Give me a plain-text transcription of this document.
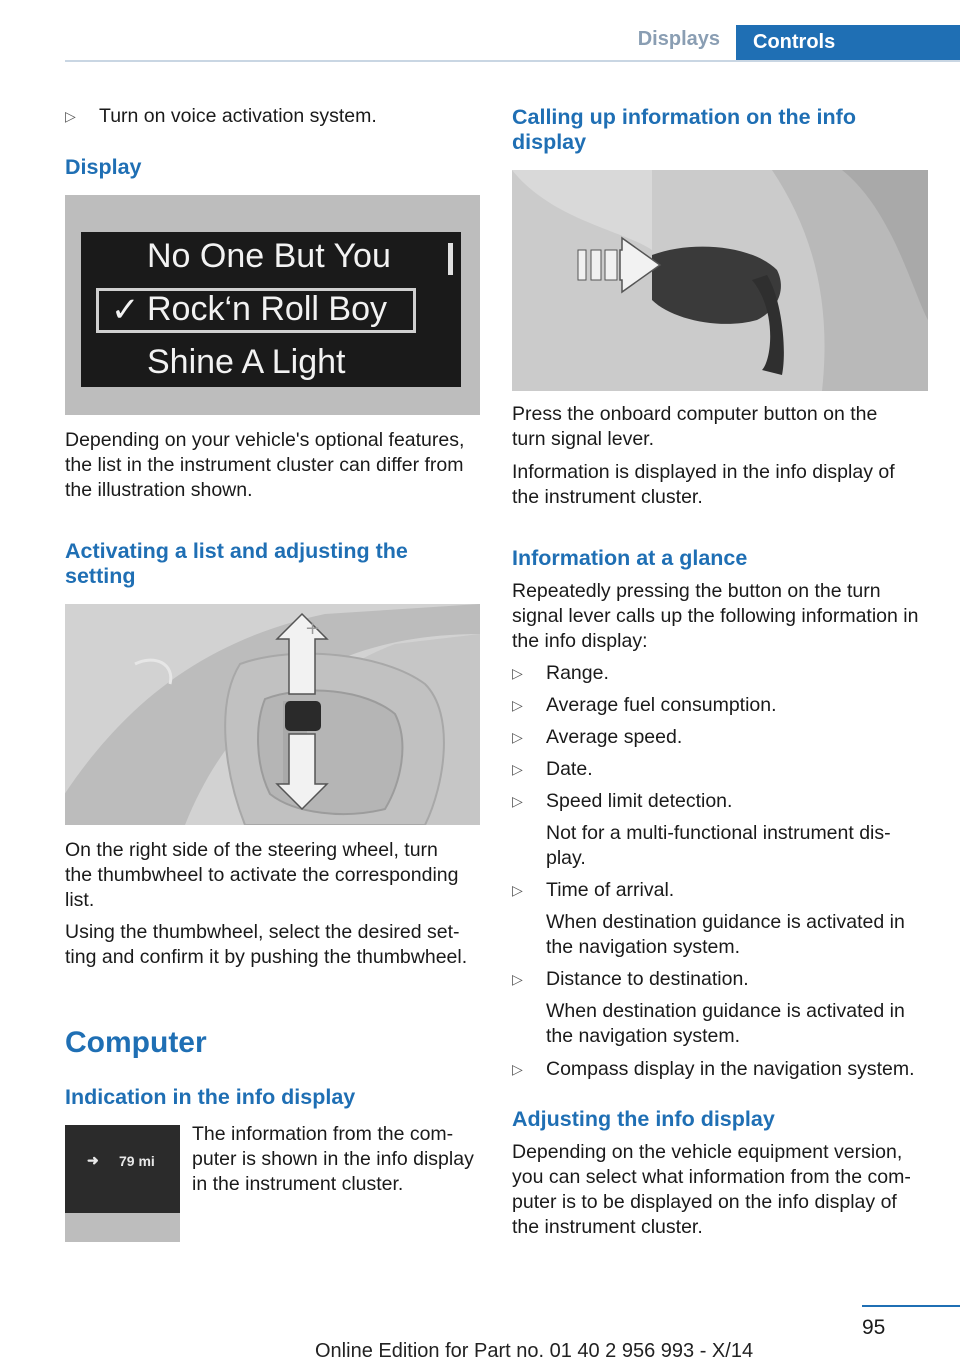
Displays	Controls
▷ Turn on voice activation system.
Display
No One But You
✓ Rock‘n Roll Boy
Shine A Light

Depending on your vehicle's optional features,
the list in the instrument cluster can differ from
the illustration shown.

Activating a list and adjusting the
setting
+

On the right side of the steering wheel, turn
the thumbwheel to activate the corresponding
list.

Using the thumbwheel, select the desired set‐
ting and confirm it by pushing the thumbwheel.

Computer
Indication in the info display
➜ 79 mi

The information from the com‐
puter is shown in the info display
in the instrument cluster.

Calling up information on the info
display

Press the onboard computer button on the
turn signal lever.

Information is displayed in the info display of
the instrument cluster.

Information at a glance

Repeatedly pressing the button on the turn
signal lever calls up the following information in
the info display:

▷ Range.
▷ Average fuel consumption.
▷ Average speed.
▷ Date.
▷ Speed limit detection.
Not for a multi-functional instrument dis‐
play.
▷ Time of arrival.
When destination guidance is activated in
the navigation system.
▷ Distance to destination.
When destination guidance is activated in
the navigation system.
▷ Compass display in the navigation system.
Adjusting the info display

Depending on the vehicle equipment version,
you can select what information from the com‐
puter is to be displayed on the info display of
the instrument cluster.

95
Online Edition for Part no. 01 40 2 956 993 - X/14
